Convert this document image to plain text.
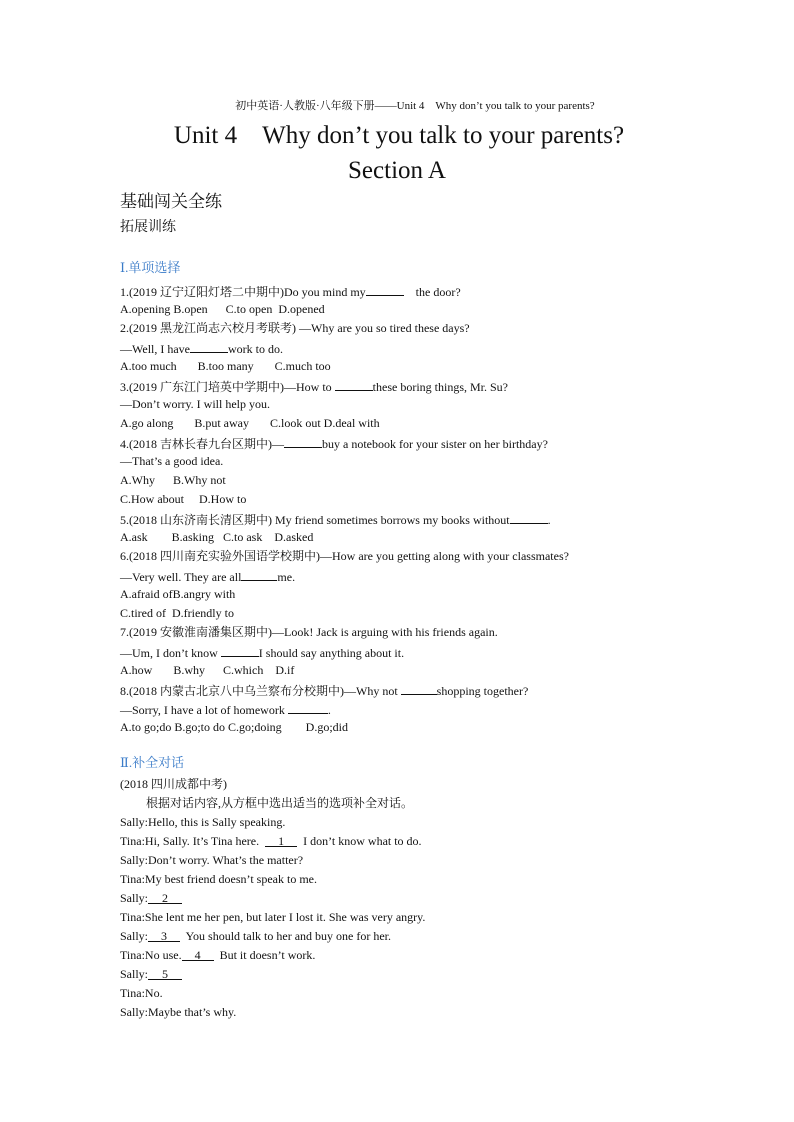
初中英语·人教版·八年级下册——Unit 4　Why don’t you talk to your parents?
Unit 4　Why don’t you talk to your parents?
Section A
基础闯关全练
拓展训练
Ⅰ.单项选择
1.(2019 辽宁辽阳灯塔二中期中)Do you mind my	the door?
A.opening B.open      C.to open  D.opened
2.(2019 黑龙江尚志六校月考联考) —Why are you so tired these days?
—Well, I have	work to do.
A.too much       B.too many       C.much too
3.(2019 广东江门培英中学期中)—How to	these boring things, Mr. Su?
—Don’t worry. I will help you.
A.go along       B.put away       C.look out D.deal with
4.(2018 吉林长春九台区期中)—	buy a notebook for your sister on her birthday?
—That’s a good idea.
A.Why      B.Why not
C.How about     D.How to
5.(2018 山东济南长清区期中) My friend sometimes borrows my books without	.
A.ask        B.asking   C.to ask    D.asked
6.(2018 四川南充实验外国语学校期中)—How are you getting along with your classmates?
—Very well. They are all	me.
A.afraid ofB.angry with
C.tired of  D.friendly to
7.(2019 安徽淮南潘集区期中)—Look! Jack is arguing with his friends again.
—Um, I don’t know	I should say anything about it.
A.how       B.why      C.which    D.if
8.(2018 内蒙古北京八中乌兰察布分校期中)—Why not	shopping together?
—Sorry, I have a lot of homework	.
A.to go;do B.go;to do C.go;doing        D.go;did
Ⅱ.补全对话
(2018 四川成都中考)
根据对话内容,从方框中选出适当的选项补全对话。
Sally:Hello, this is Sally speaking.
Tina:Hi, Sally. It’s Tina here.  1  I don’t know what to do.
Sally:Don’t worry. What’s the matter?
Tina:My best friend doesn’t speak to me.
Sally: 2
Tina:She lent me her pen, but later I lost it. She was very angry.
Sally: 3  You should talk to her and buy one for her.
Tina:No use. 4  But it doesn’t work.
Sally: 5
Tina:No.
Sally:Maybe that’s why.
